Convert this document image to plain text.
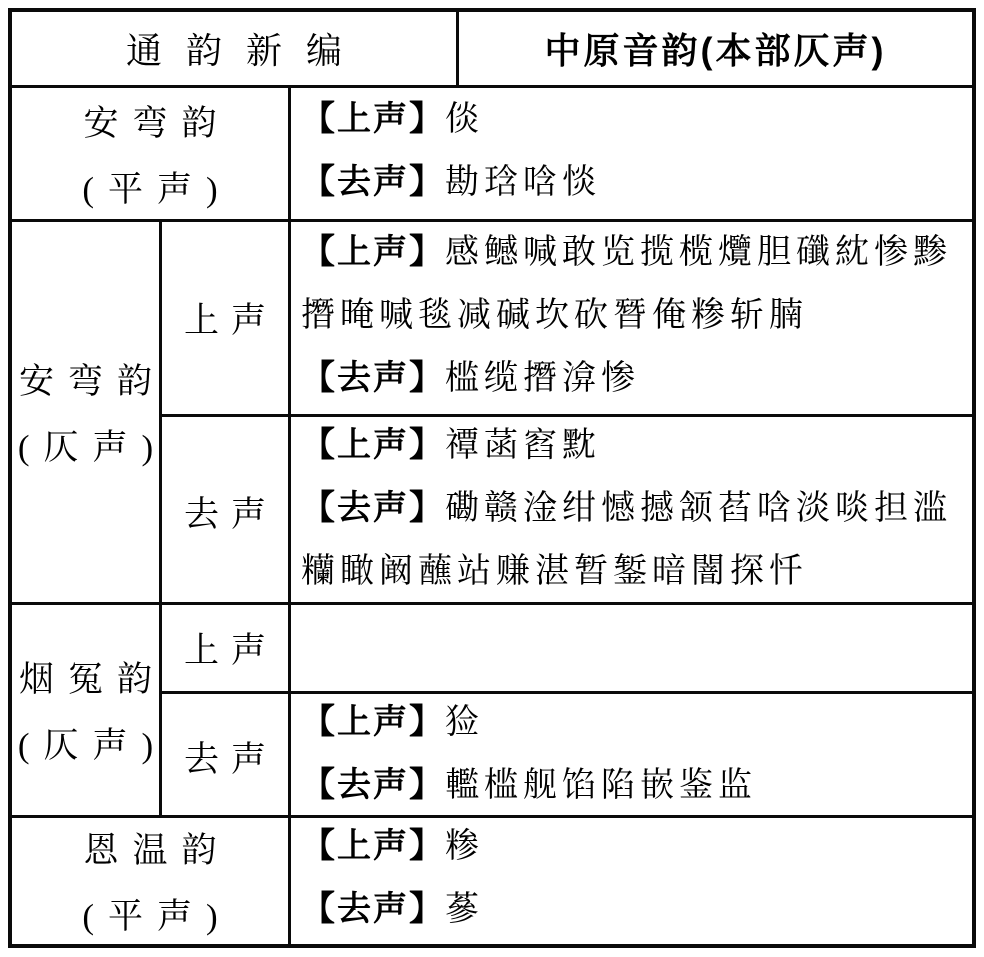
通韵新编	中原音韵(本部仄声)
安弯韵
(平声)
【上声】倓
【去声】勘琀唅惔
安弯韵
(仄声)
上声
【上声】感鳡喊敢览揽榄爦胆䃸紞惨黪
撍晻喊毯减碱坎砍朁俺糁斩腩
【去声】槛缆撍渰惨
去声
【上声】禫菡窞黕
【去声】磡赣淦绀憾撼颔萏唅淡啖担滥
糷瞰阚蘸站赚湛暂錾暗闇探忏
烟冤韵
(仄声)
上声
去声
【上声】猃
【去声】轞槛舰馅陷嵌鉴监
恩温韵
(平声)
【上声】糁
【去声】蔘
